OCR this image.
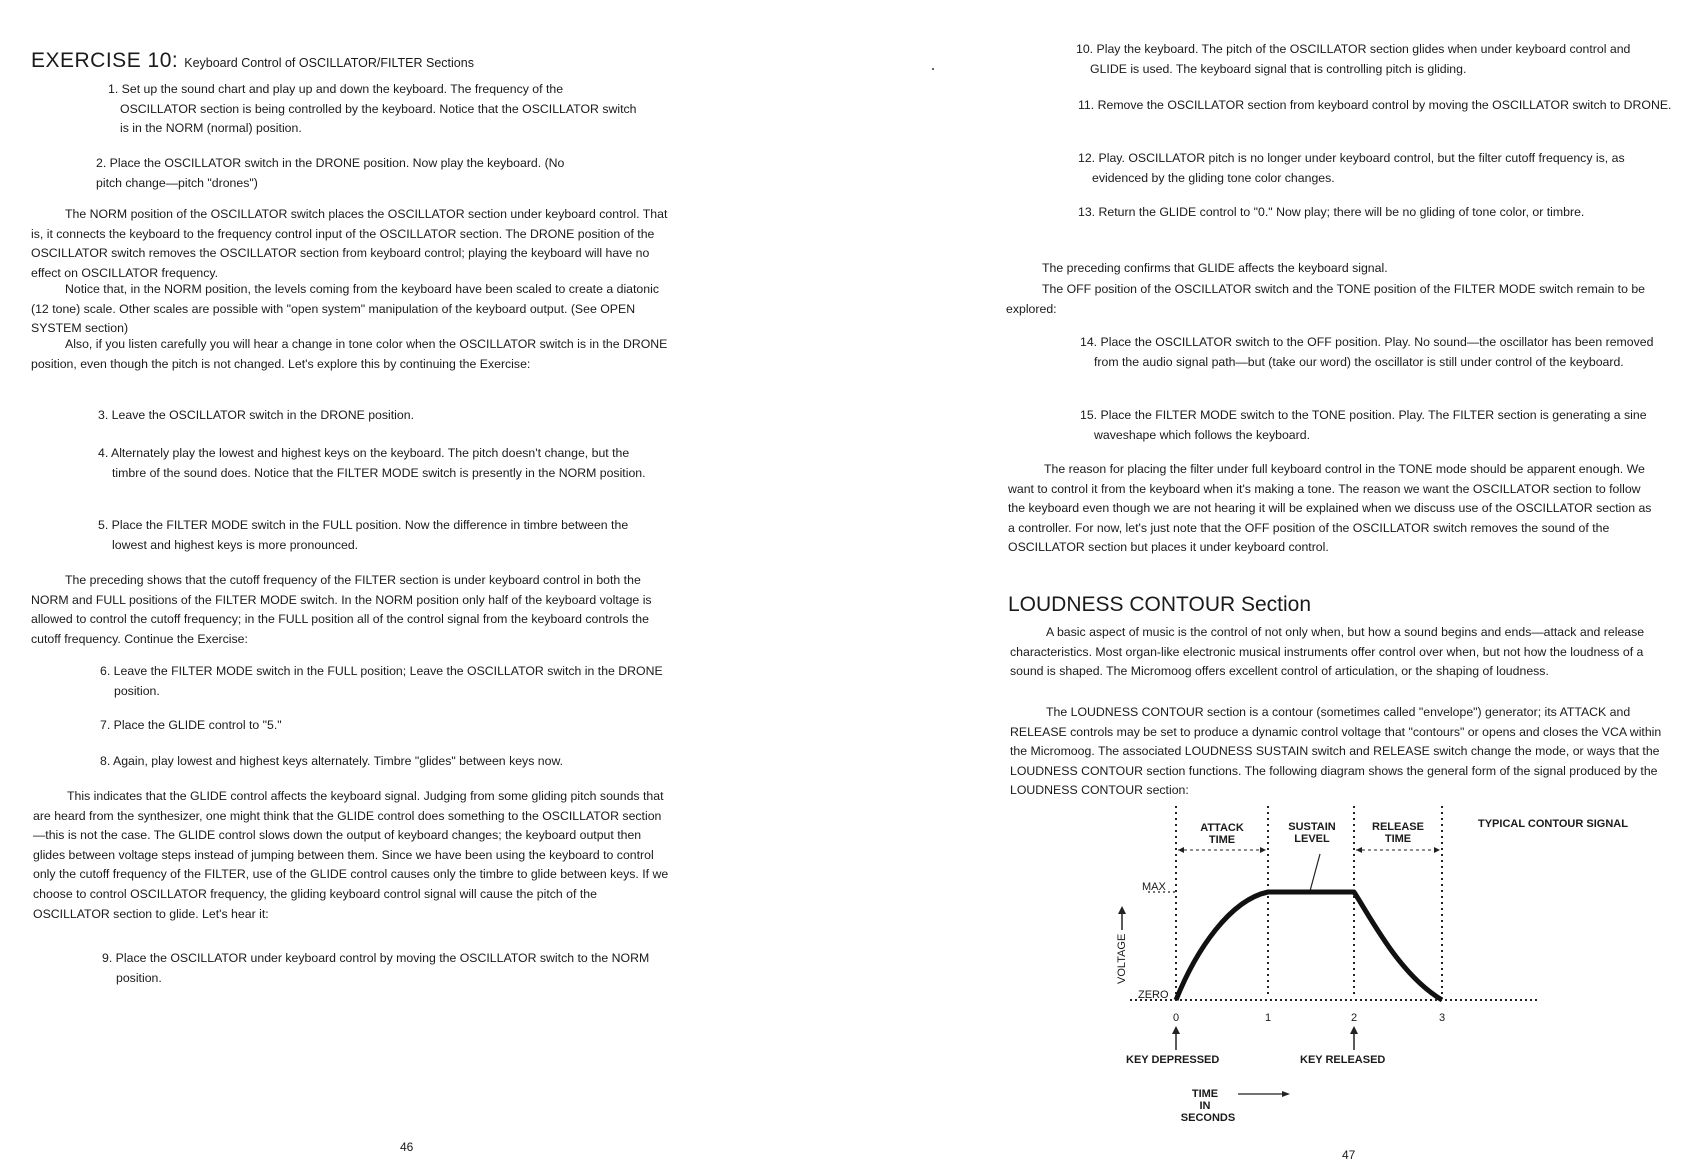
EXERCISE 10: Keyboard Control of OSCILLATOR/FILTER Sections

1. Set up the sound chart and play up and down the keyboard. The frequency of the OSCILLATOR section is being controlled by the keyboard. Notice that the OSCILLATOR switch is in the NORM (normal) position.

2. Place the OSCILLATOR switch in the DRONE position. Now play the keyboard. (No pitch change—pitch "drones")

The NORM position of the OSCILLATOR switch places the OSCILLATOR section under keyboard control. That is, it connects the keyboard to the frequency control input of the OSCILLATOR section. The DRONE position of the OSCILLATOR switch removes the OSCILLATOR section from keyboard control; playing the keyboard will have no effect on OSCILLATOR frequency.

Notice that, in the NORM position, the levels coming from the keyboard have been scaled to create a diatonic (12 tone) scale. Other scales are possible with "open system" manipulation of the keyboard output. (See OPEN SYSTEM section)

Also, if you listen carefully you will hear a change in tone color when the OSCILLATOR switch is in the DRONE position, even though the pitch is not changed. Let's explore this by continuing the Exercise:

3. Leave the OSCILLATOR switch in the DRONE position.

4. Alternately play the lowest and highest keys on the keyboard. The pitch doesn't change, but the timbre of the sound does. Notice that the FILTER MODE switch is presently in the NORM position.

5. Place the FILTER MODE switch in the FULL position. Now the difference in timbre between the lowest and highest keys is more pronounced.

The preceding shows that the cutoff frequency of the FILTER section is under keyboard control in both the NORM and FULL positions of the FILTER MODE switch. In the NORM position only half of the keyboard voltage is allowed to control the cutoff frequency; in the FULL position all of the control signal from the keyboard controls the cutoff frequency. Continue the Exercise:

6. Leave the FILTER MODE switch in the FULL position; Leave the OSCILLATOR switch in the DRONE position.

7. Place the GLIDE control to "5."

8. Again, play lowest and highest keys alternately. Timbre "glides" between keys now.

This indicates that the GLIDE control affects the keyboard signal. Judging from some gliding pitch sounds that are heard from the synthesizer, one might think that the GLIDE control does something to the OSCILLATOR section—this is not the case. The GLIDE control slows down the output of keyboard changes; the keyboard output then glides between voltage steps instead of jumping between them. Since we have been using the keyboard to control only the cutoff frequency of the FILTER, use of the GLIDE control causes only the timbre to glide between keys. If we choose to control OSCILLATOR frequency, the gliding keyboard control signal will cause the pitch of the OSCILLATOR section to glide. Let's hear it:

9. Place the OSCILLATOR under keyboard control by moving the OSCILLATOR switch to the NORM position.

46

10. Play the keyboard. The pitch of the OSCILLATOR section glides when under keyboard control and GLIDE is used. The keyboard signal that is controlling pitch is gliding.

11. Remove the OSCILLATOR section from keyboard control by moving the OSCILLATOR switch to DRONE.

12. Play. OSCILLATOR pitch is no longer under keyboard control, but the filter cutoff frequency is, as evidenced by the gliding tone color changes.

13. Return the GLIDE control to "0." Now play; there will be no gliding of tone color, or timbre.

The preceding confirms that GLIDE affects the keyboard signal.

The OFF position of the OSCILLATOR switch and the TONE position of the FILTER MODE switch remain to be explored:

14. Place the OSCILLATOR switch to the OFF position. Play. No sound—the oscillator has been removed from the audio signal path—but (take our word) the oscillator is still under control of the keyboard.

15. Place the FILTER MODE switch to the TONE position. Play. The FILTER section is generating a sine waveshape which follows the keyboard.

The reason for placing the filter under full keyboard control in the TONE mode should be apparent enough. We want to control it from the keyboard when it's making a tone. The reason we want the OSCILLATOR section to follow the keyboard even though we are not hearing it will be explained when we discuss use of the OSCILLATOR section as a controller. For now, let's just note that the OFF position of the OSCILLATOR switch removes the sound of the OSCILLATOR section but places it under keyboard control.

LOUDNESS CONTOUR Section

A basic aspect of music is the control of not only when, but how a sound begins and ends—attack and release characteristics. Most organ-like electronic musical instruments offer control over when, but not how the loudness of a sound is shaped. The Micromoog offers excellent control of articulation, or the shaping of loudness.

The LOUDNESS CONTOUR section is a contour (sometimes called "envelope") generator; its ATTACK and RELEASE controls may be set to produce a dynamic control voltage that "contours" or opens and closes the VCA within the Micromoog. The associated LOUDNESS SUSTAIN switch and RELEASE switch change the mode, or ways that the LOUDNESS CONTOUR section functions. The following diagram shows the general form of the signal produced by the LOUDNESS CONTOUR section:

47
ATTACK
TIME
SUSTAIN
LEVEL
RELEASE
TIME
TYPICAL CONTOUR SIGNAL
MAX
ZERO
VOLTAGE
0	1	2	3
KEY DEPRESSED	KEY RELEASED
TIME
IN
SECONDS
